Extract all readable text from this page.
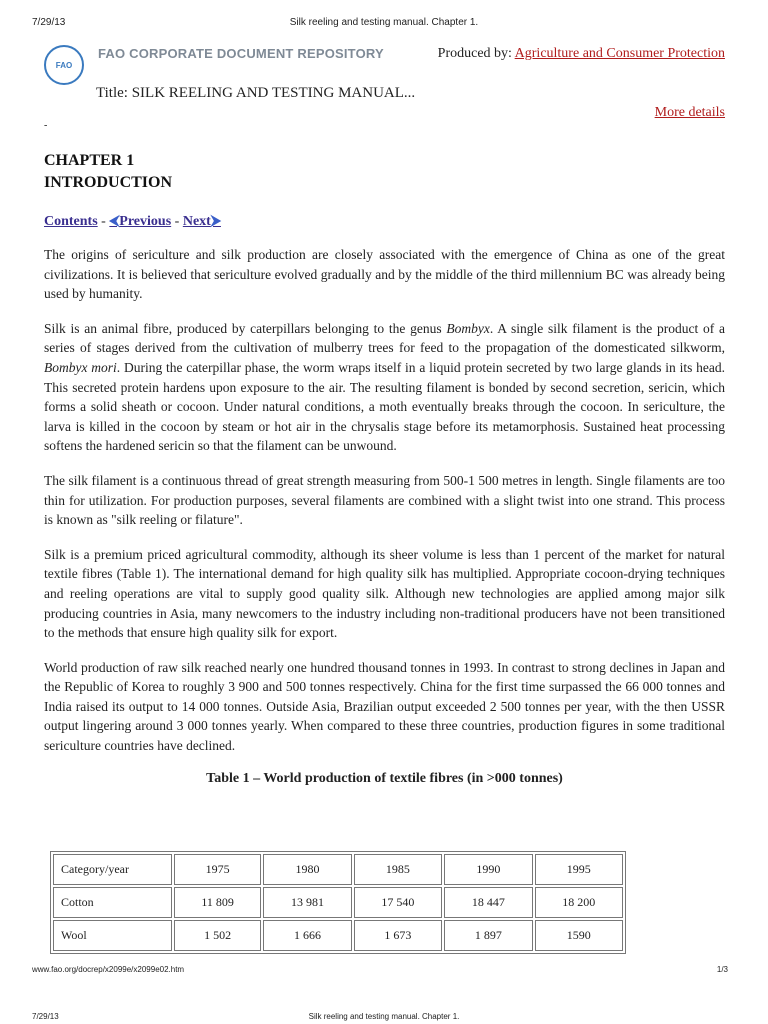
7/29/13	Silk reeling and testing manual. Chapter 1.
FAO
FAO CORPORATE DOCUMENT REPOSITORY	Produced by: Agriculture and Consumer Protection
Title: SILK REELING AND TESTING MANUAL...
More details
-
CHAPTER 1
INTRODUCTION
Contents - ⮜Previous - Next⮞

The origins of sericulture and silk production are closely associated with the emergence of China as one of the great civilizations. It is believed that sericulture evolved gradually and by the middle of the third millennium BC was already being used by humanity.

Silk is an animal fibre, produced by caterpillars belonging to the genus Bombyx. A single silk filament is the product of a series of stages derived from the cultivation of mulberry trees for feed to the propagation of the domesticated silkworm, Bombyx mori. During the caterpillar phase, the worm wraps itself in a liquid protein secreted by two large glands in its head. This secreted protein hardens upon exposure to the air. The resulting filament is bonded by second secretion, sericin, which forms a solid sheath or cocoon. Under natural conditions, a moth eventually breaks through the cocoon. In sericulture, the larva is killed in the cocoon by steam or hot air in the chrysalis stage before its metamorphosis. Sustained heat processing softens the hardened sericin so that the filament can be unwound.

The silk filament is a continuous thread of great strength measuring from 500-1 500 metres in length. Single filaments are too thin for utilization. For production purposes, several filaments are combined with a slight twist into one strand. This process is known as "silk reeling or filature".

Silk is a premium priced agricultural commodity, although its sheer volume is less than 1 percent of the market for natural textile fibres (Table 1). The international demand for high quality silk has multiplied. Appropriate cocoon-drying techniques and reeling operations are vital to supply good quality silk. Although new technologies are applied among major silk producing countries in Asia, many newcomers to the industry including non-traditional producers have not been transitioned to the methods that ensure high quality silk for export.

World production of raw silk reached nearly one hundred thousand tonnes in 1993. In contrast to strong declines in Japan and the Republic of Korea to roughly 3 900 and 500 tonnes respectively. China for the first time surpassed the 66 000 tonnes and India raised its output to 14 000 tonnes. Outside Asia, Brazilian output exceeded 2 500 tonnes per year, with the then USSR output lingering around 3 000 tonnes yearly. When compared to these three countries, production figures in some traditional sericulture countries have declined.

Table 1 – World production of textile fibres (in >000 tonnes)
Category/year	1975	1980	1985	1990	1995
Cotton	11 809	13 981	17 540	18 447	18 200
Wool	1 502	1 666	1 673	1 897	1590
www.fao.org/docrep/x2099e/x2099e02.htm	1/3
7/29/13	Silk reeling and testing manual. Chapter 1.
